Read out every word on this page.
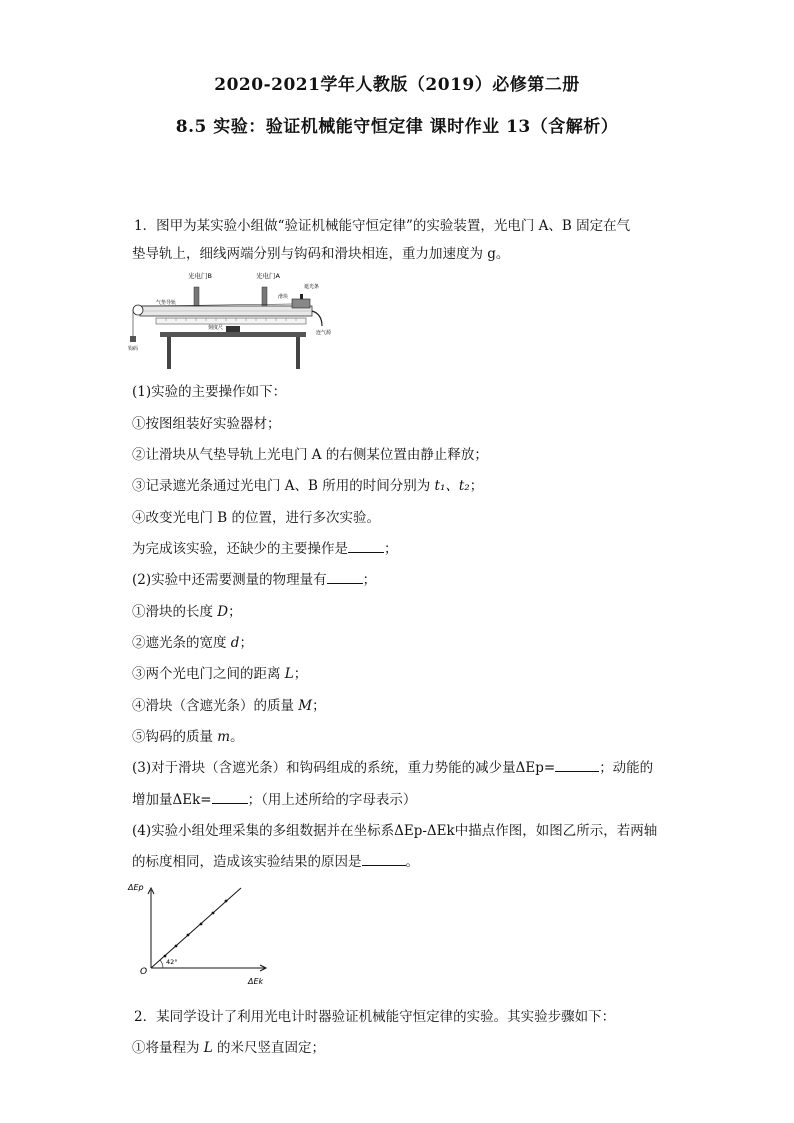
2020-2021学年人教版（2019）必修第二册
8.5 实验：验证机械能守恒定律 课时作业 13（含解析）
1．图甲为某实验小组做“验证机械能守恒定律”的实验装置，光电门 A、B 固定在气
垫导轨上，细线两端分别与钩码和滑块相连，重力加速度为 g。
光电门B	光电门A
遮光条
滑块
气垫导轨
刻度尺
连气源
钩码
(1)实验的主要操作如下：
①按图组装好实验器材；
②让滑块从气垫导轨上光电门 A 的右侧某位置由静止释放；
③记录遮光条通过光电门 A、B 所用的时间分别为 t₁、t₂；
④改变光电门 B 的位置，进行多次实验。
为完成该实验，还缺少的主要操作是	；
(2)实验中还需要测量的物理量有	；
①滑块的长度 D；
②遮光条的宽度 d；
③两个光电门之间的距离 L；
④滑块（含遮光条）的质量 M；
⑤钩码的质量 m。
(3)对于滑块（含遮光条）和钩码组成的系统，重力势能的减少量ΔEp=	；动能的
增加量ΔEk=	；（用上述所给的字母表示）
(4)实验小组处理采集的多组数据并在坐标系ΔEp-ΔEk中描点作图，如图乙所示，若两轴
的标度相同，造成该实验结果的原因是	。
ΔEp
ΔEk
O
42°
2．某同学设计了利用光电计时器验证机械能守恒定律的实验。其实验步骤如下：
①将量程为 L 的米尺竖直固定；
